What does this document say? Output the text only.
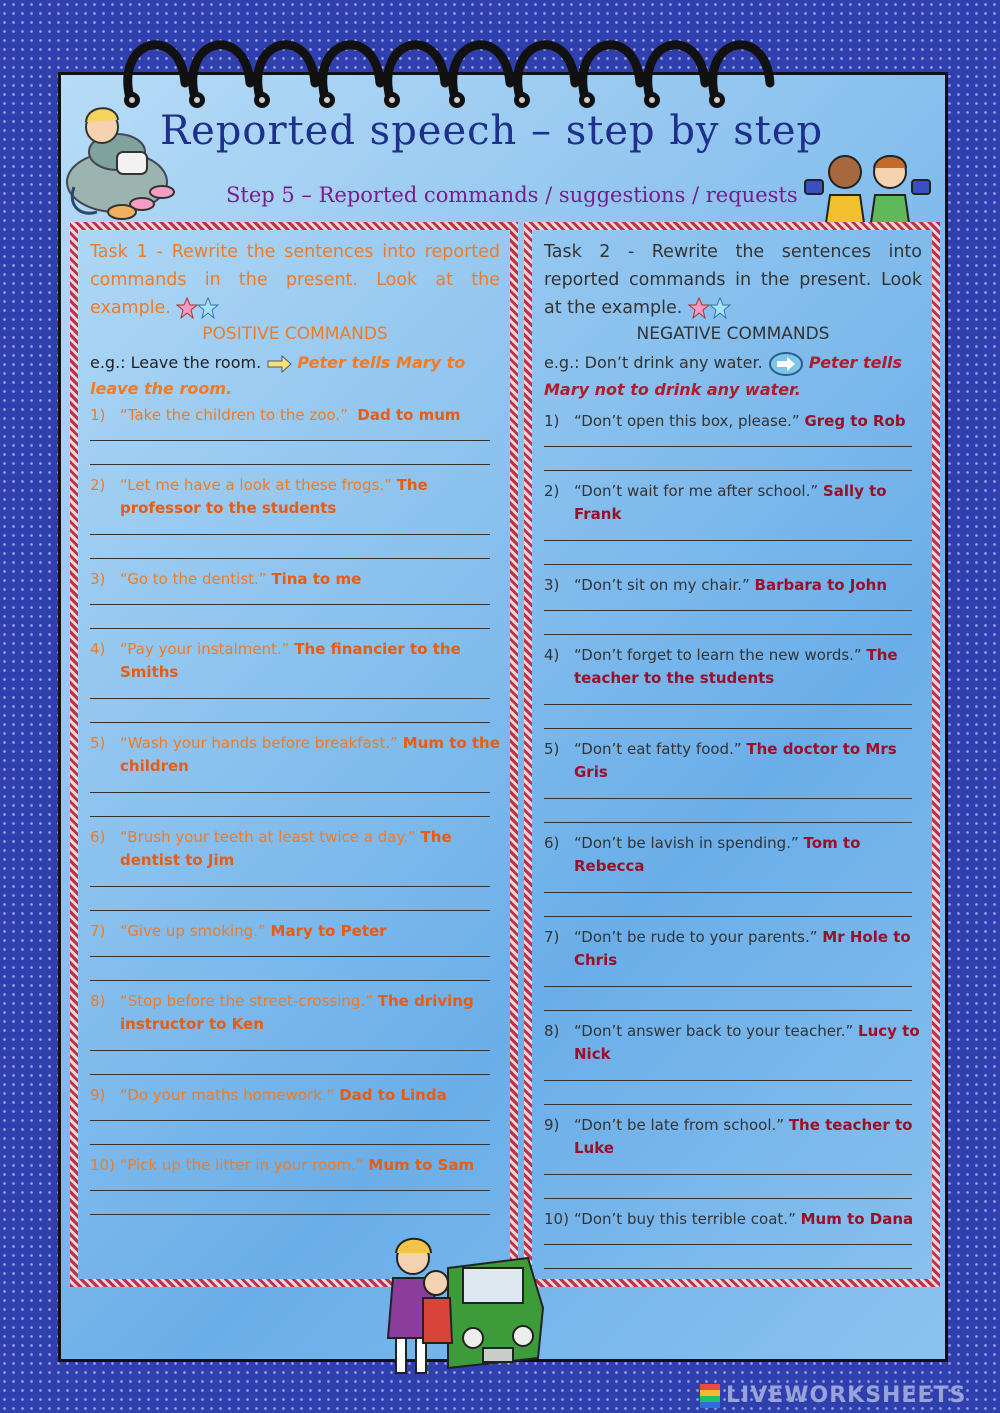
Reported speech – step by step
Step 5 – Reported commands / suggestions / requests
Task 1 - Rewrite the sentences into reported commands in the present. Look at the example.
POSITIVE COMMANDS
e.g.: Leave the room. Peter tells Mary to leave the room.
1) “Take the children to the zoo.” Dad to mum
2) “Let me have a look at these frogs.” The professor to the students
3) “Go to the dentist.” Tina to me
4) “Pay your instalment.” The financier to the Smiths
5) “Wash your hands before breakfast.” Mum to the children
6) “Brush your teeth at least twice a day.” The dentist to Jim
7) “Give up smoking.” Mary to Peter
8) “Stop before the street-crossing.” The driving instructor to Ken
9) “Do your maths homework.” Dad to Linda
10) “Pick up the litter in your room.” Mum to Sam
Task 2 - Rewrite the sentences into reported commands in the present. Look at the example.
NEGATIVE COMMANDS
e.g.: Don’t drink any water.	Peter tells Mary not to drink any water.
1) “Don’t open this box, please.” Greg to Rob
2) “Don’t wait for me after school.” Sally to Frank
3) “Don’t sit on my chair.” Barbara to John
4) “Don’t forget to learn the new words.” The teacher to the students
5) “Don’t eat fatty food.” The doctor to Mrs Gris
6) “Don’t be lavish in spending.” Tom to Rebecca
7) “Don’t be rude to your parents.” Mr Hole to Chris
8) “Don’t answer back to your teacher.” Lucy to Nick
9) “Don’t be late from school.” The teacher to Luke
10) “Don’t buy this terrible coat.” Mum to Dana
LIVEWORKSHEETS
